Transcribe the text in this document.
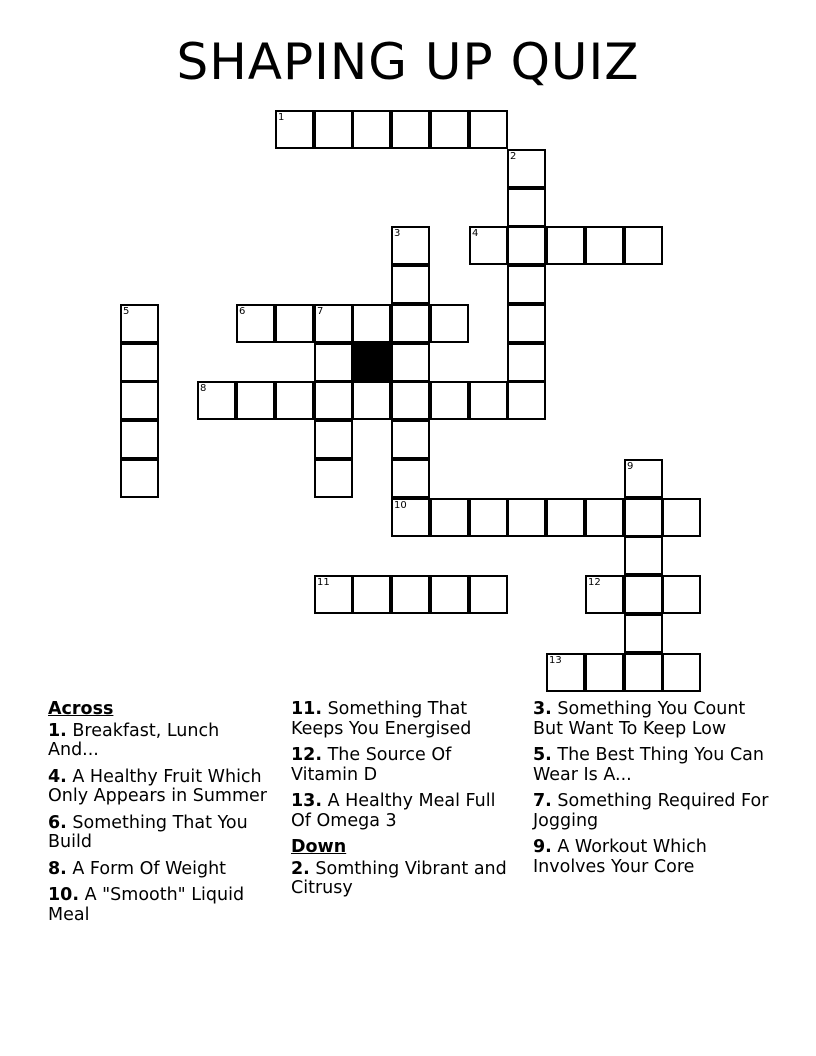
SHAPING UP QUIZ
1
2
3	4
5	6	7
8
9
10
11	12
13
Across
1. Breakfast, Lunch And...
4. A Healthy Fruit Which Only Appears in Summer
6. Something That You Build
8. A Form Of Weight
10. A "Smooth" Liquid Meal
11. Something That Keeps You Energised
12. The Source Of Vitamin D
13. A Healthy Meal Full Of Omega 3
Down
2. Somthing Vibrant and Citrusy
3. Something You Count But Want To Keep Low
5. The Best Thing You Can Wear Is A...
7. Something Required For Jogging
9. A Workout Which Involves Your Core
